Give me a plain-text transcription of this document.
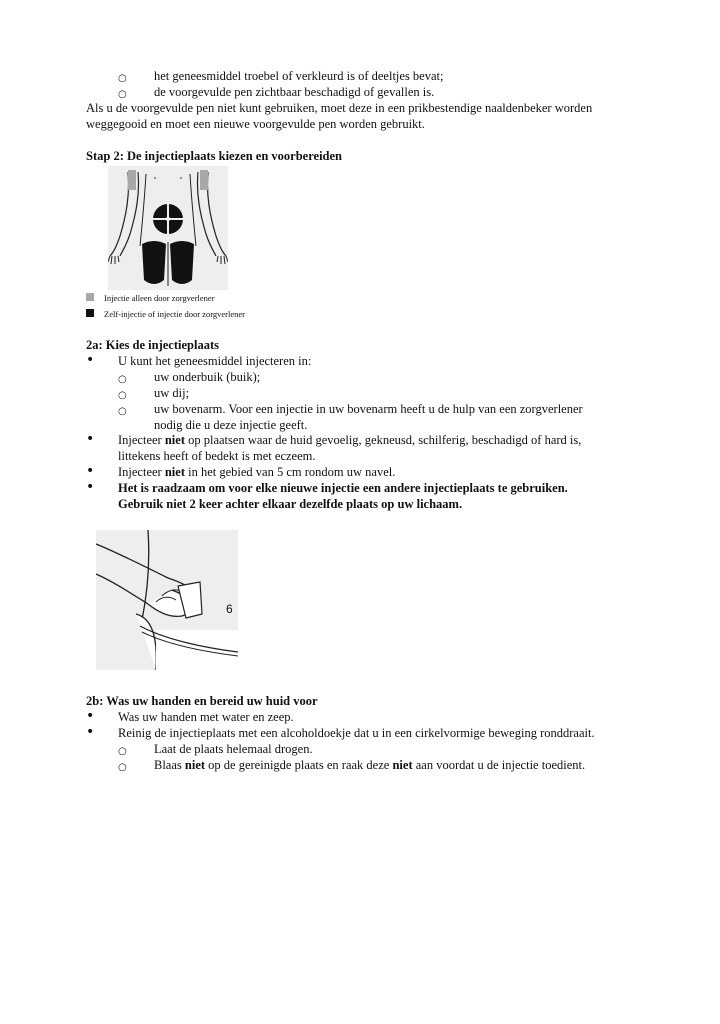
○ het geneesmiddel troebel of verkleurd is of deeltjes bevat;
○ de voorgevulde pen zichtbaar beschadigd of gevallen is.
Als u de voorgevulde pen niet kunt gebruiken, moet deze in een prikbestendige naaldenbeker worden
weggegooid en moet een nieuwe voorgevulde pen worden gebruikt.
Stap 2: De injectieplaats kiezen en voorbereiden
Injectie alleen door zorgverlener
Zelf-injectie of injectie door zorgverlener
2a: Kies de injectieplaats
• U kunt het geneesmiddel injecteren in:
○ uw onderbuik (buik);
○ uw dij;
○ uw bovenarm. Voor een injectie in uw bovenarm heeft u de hulp van een zorgverlener
nodig die u deze injectie geeft.
• Injecteer niet op plaatsen waar de huid gevoelig, gekneusd, schilferig, beschadigd of hard is,
littekens heeft of bedekt is met eczeem.
• Injecteer niet in het gebied van 5 cm rondom uw navel.
• Het is raadzaam om voor elke nieuwe injectie een andere injectieplaats te gebruiken.
Gebruik niet 2 keer achter elkaar dezelfde plaats op uw lichaam.
6
2b: Was uw handen en bereid uw huid voor
• Was uw handen met water en zeep.
• Reinig de injectieplaats met een alcoholdoekje dat u in een cirkelvormige beweging ronddraait.
○ Laat de plaats helemaal drogen.
○ Blaas niet op de gereinigde plaats en raak deze niet aan voordat u de injectie toedient.
